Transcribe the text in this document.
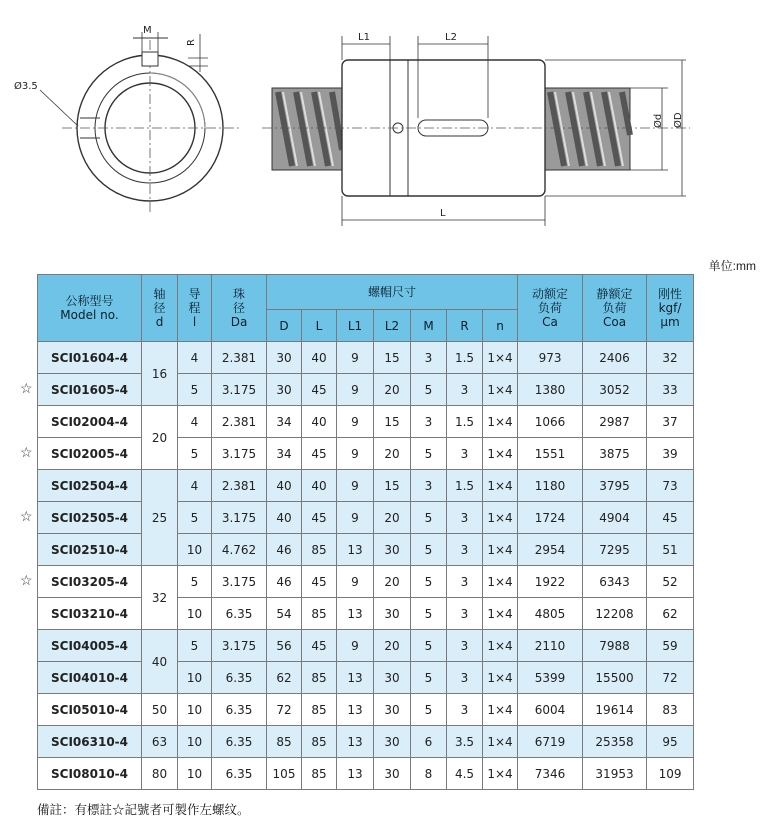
M
R
Ø3.5
L1	L2
L
Ød ØD
单位:mm
公称型号
Model no.	轴
径
d	导
程
l	珠
径
Da	螺帽尺寸							动额定
负荷
Ca	静额定
负荷
Coa	刚性
kgf/
μm

				D	L	L1	L2	M	R	n			
SCI01604-4	16	4	2.381	30	40	9	15	3	1.5	1×4	973	2406	32
SCI01605-4		5	3.175	30	45	9	20	5	3	1×4	1380	3052	33
SCI02004-4	20	4	2.381	34	40	9	15	3	1.5	1×4	1066	2987	37
SCI02005-4		5	3.175	34	45	9	20	5	3	1×4	1551	3875	39
SCI02504-4	25	4	2.381	40	40	9	15	3	1.5	1×4	1180	3795	73
SCI02505-4		5	3.175	40	45	9	20	5	3	1×4	1724	4904	45
SCI02510-4		10	4.762	46	85	13	30	5	3	1×4	2954	7295	51
SCI03205-4	32	5	3.175	46	45	9	20	5	3	1×4	1922	6343	52
SCI03210-4		10	6.35	54	85	13	30	5	3	1×4	4805	12208	62
SCI04005-4	40	5	3.175	56	45	9	20	5	3	1×4	2110	7988	59
SCI04010-4		10	6.35	62	85	13	30	5	3	1×4	5399	15500	72
SCI05010-4	50	10	6.35	72	85	13	30	5	3	1×4	6004	19614	83
SCI06310-4	63	10	6.35	85	85	13	30	6	3.5	1×4	6719	25358	95
SCI08010-4	80	10	6.35	105	85	13	30	8	4.5	1×4	7346	31953	109
☆
☆
☆
☆
備註：有標註☆記號者可製作左螺纹。
